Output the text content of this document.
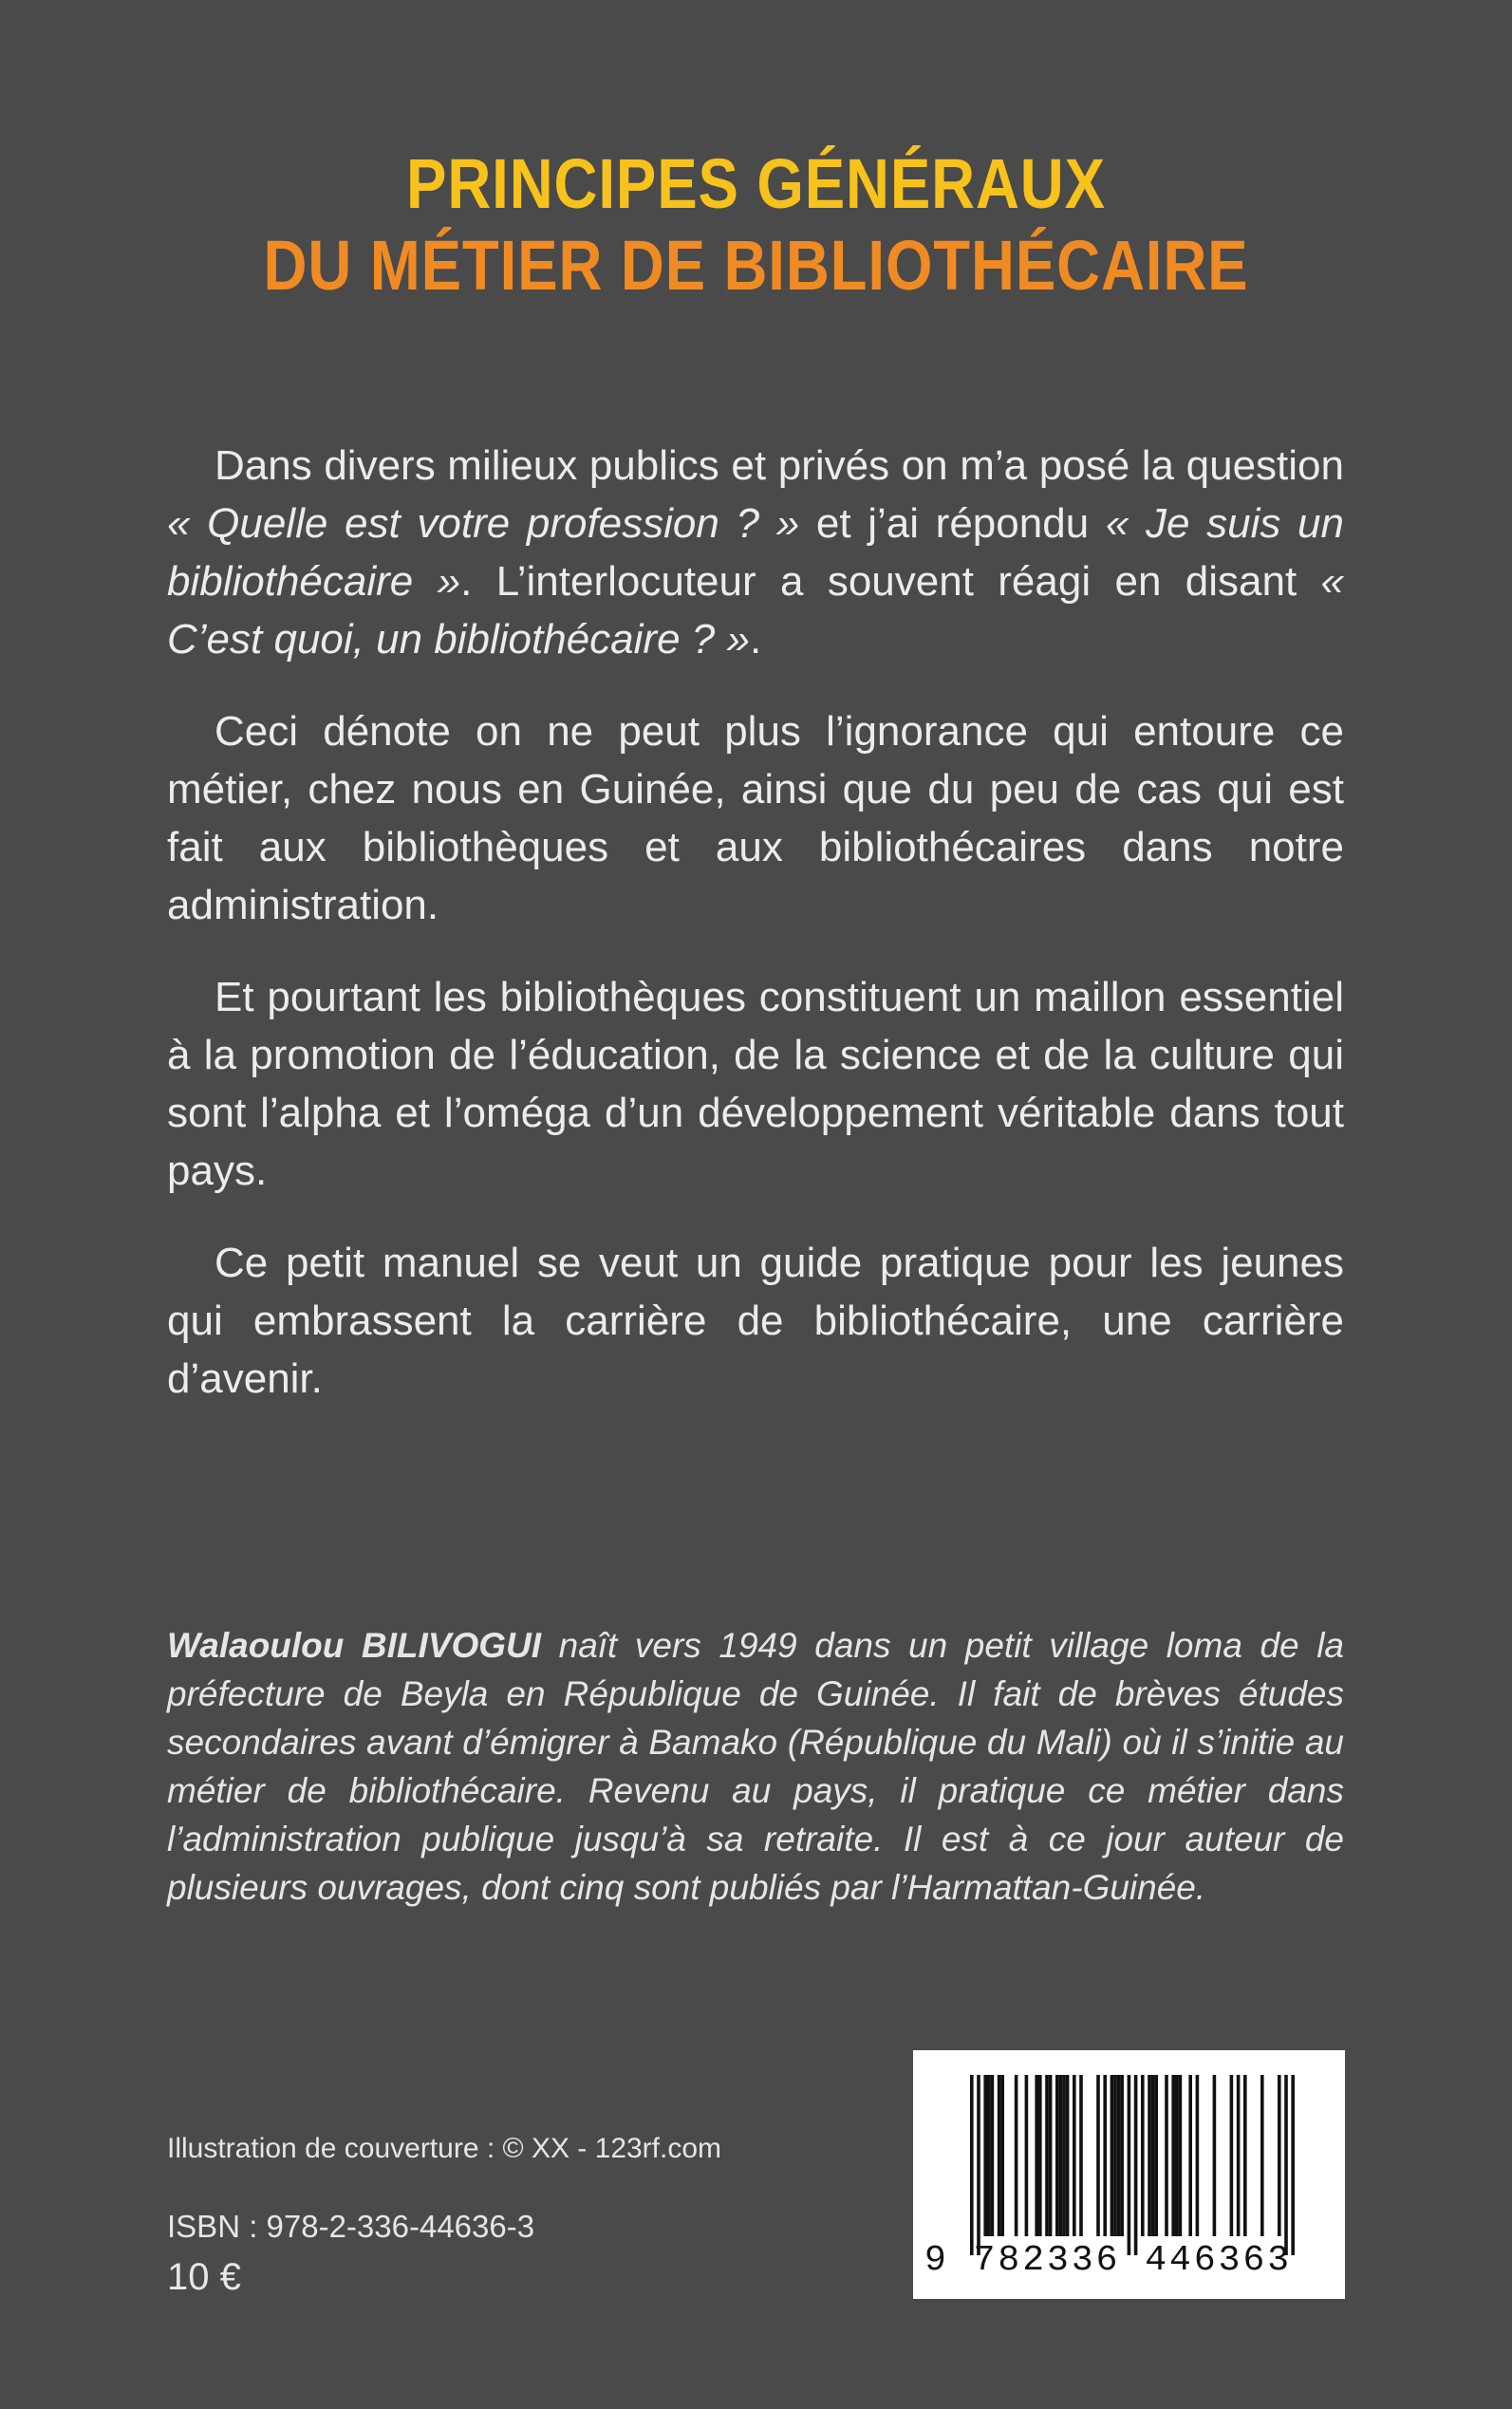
PRINCIPES GÉNÉRAUX
DU MÉTIER DE BIBLIOTHÉCAIRE

Dans divers milieux publics et privés on m’a posé la question « Quelle est votre profession ? » et j’ai répondu « Je suis un bibliothécaire ». L’interlocuteur a souvent réagi en disant « C’est quoi, un bibliothécaire ? ».

Ceci dénote on ne peut plus l’ignorance qui entoure ce métier, chez nous en Guinée, ainsi que du peu de cas qui est fait aux bibliothèques et aux bibliothécaires dans notre administration.

Et pourtant les bibliothèques constituent un maillon essentiel à la promotion de l’éducation, de la science et de la culture qui sont l’alpha et l’oméga d’un développement véritable dans tout pays.

Ce petit manuel se veut un guide pratique pour les jeunes qui embrassent la carrière de bibliothécaire, une carrière d’avenir.

Walaoulou BILIVOGUI naît vers 1949 dans un petit village loma de la préfecture de Beyla en République de Guinée. Il fait de brèves études secondaires avant d’émigrer à Bamako (République du Mali) où il s’initie au métier de bibliothécaire. Revenu au pays, il pratique ce métier dans l’administration publique jusqu’à sa retraite. Il est à ce jour auteur de plusieurs ouvrages, dont cinq sont publiés par l’Harmattan-Guinée.

Illustration de couverture : © XX - 123rf.com

ISBN : 978-2-336-44636-3

10 €	9 782336 446363
